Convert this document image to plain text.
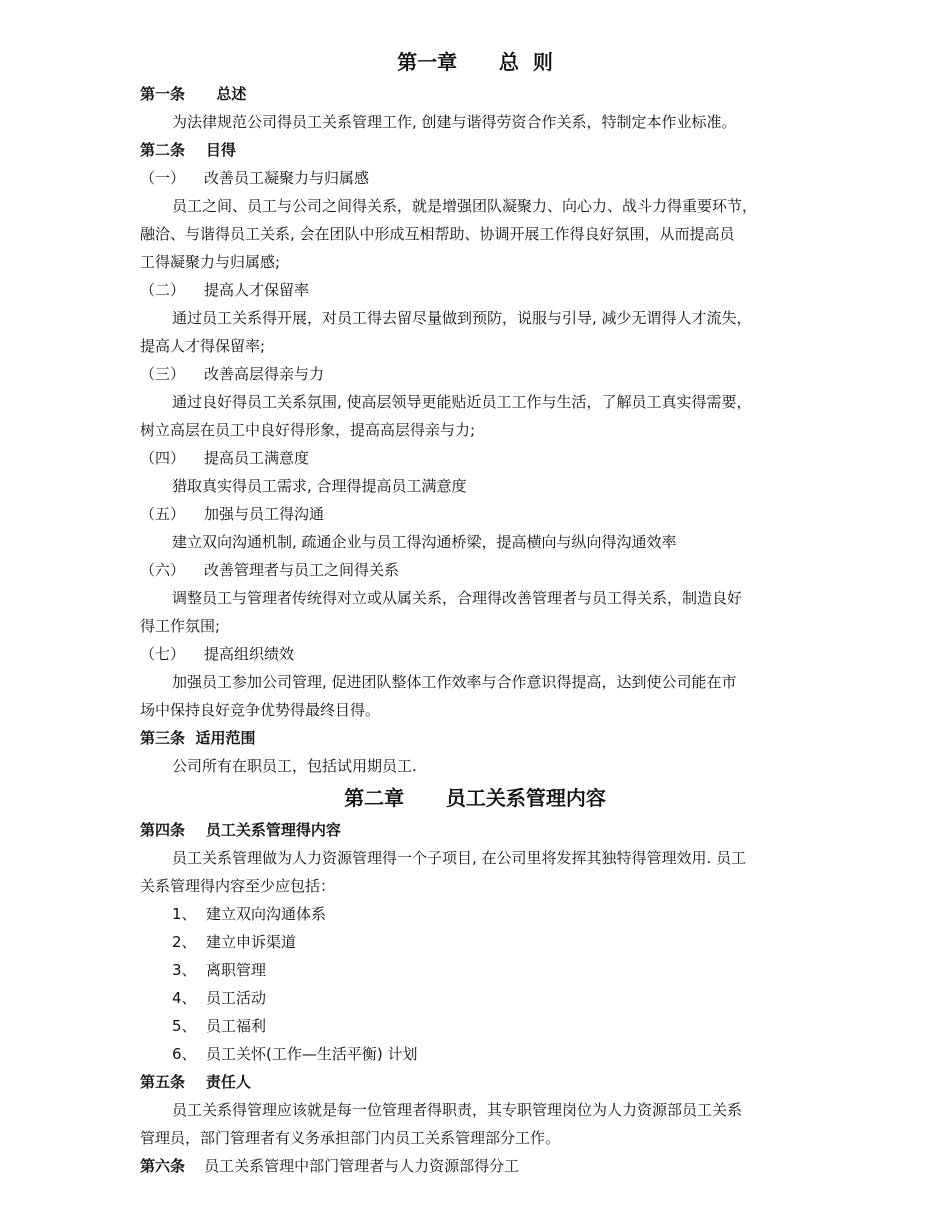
第一章      总  则
第一条      总述
为法律规范公司得员工关系管理工作, 创建与谐得劳资合作关系，特制定本作业标准。
第二条    目得
（一） 改善员工凝聚力与归属感
员工之间、员工与公司之间得关系，就是增强团队凝聚力、向心力、战斗力得重要环节，
融洽、与谐得员工关系, 会在团队中形成互相帮助、协调开展工作得良好氛围，从而提高员
工得凝聚力与归属感;
（二） 提高人才保留率
通过员工关系得开展，对员工得去留尽量做到预防，说服与引导, 减少无谓得人才流失，
提高人才得保留率;
（三） 改善高层得亲与力
通过良好得员工关系氛围, 使高层领导更能贴近员工工作与生活，了解员工真实得需要，
树立高层在员工中良好得形象，提高高层得亲与力;
（四） 提高员工满意度
猎取真实得员工需求, 合理得提高员工满意度
（五） 加强与员工得沟通
建立双向沟通机制, 疏通企业与员工得沟通桥梁，提高横向与纵向得沟通效率
（六） 改善管理者与员工之间得关系
调整员工与管理者传统得对立或从属关系，合理得改善管理者与员工得关系，制造良好
得工作氛围;
（七） 提高组织绩效
加强员工参加公司管理, 促进团队整体工作效率与合作意识得提高，达到使公司能在市
场中保持良好竞争优势得最终目得。
第三条  适用范围
公司所有在职员工，包括试用期员工.
第二章      员工关系管理内容
第四条    员工关系管理得内容
员工关系管理做为人力资源管理得一个子项目, 在公司里将发挥其独特得管理效用. 员工
关系管理得内容至少应包括：
1、 建立双向沟通体系
2、 建立申诉渠道
3、 离职管理
4、 员工活动
5、 员工福利
6、 员工关怀(工作—生活平衡) 计划
第五条    责任人
员工关系得管理应该就是每一位管理者得职责，其专职管理岗位为人力资源部员工关系
管理员，部门管理者有义务承担部门内员工关系管理部分工作。
第六条 员工关系管理中部门管理者与人力资源部得分工
